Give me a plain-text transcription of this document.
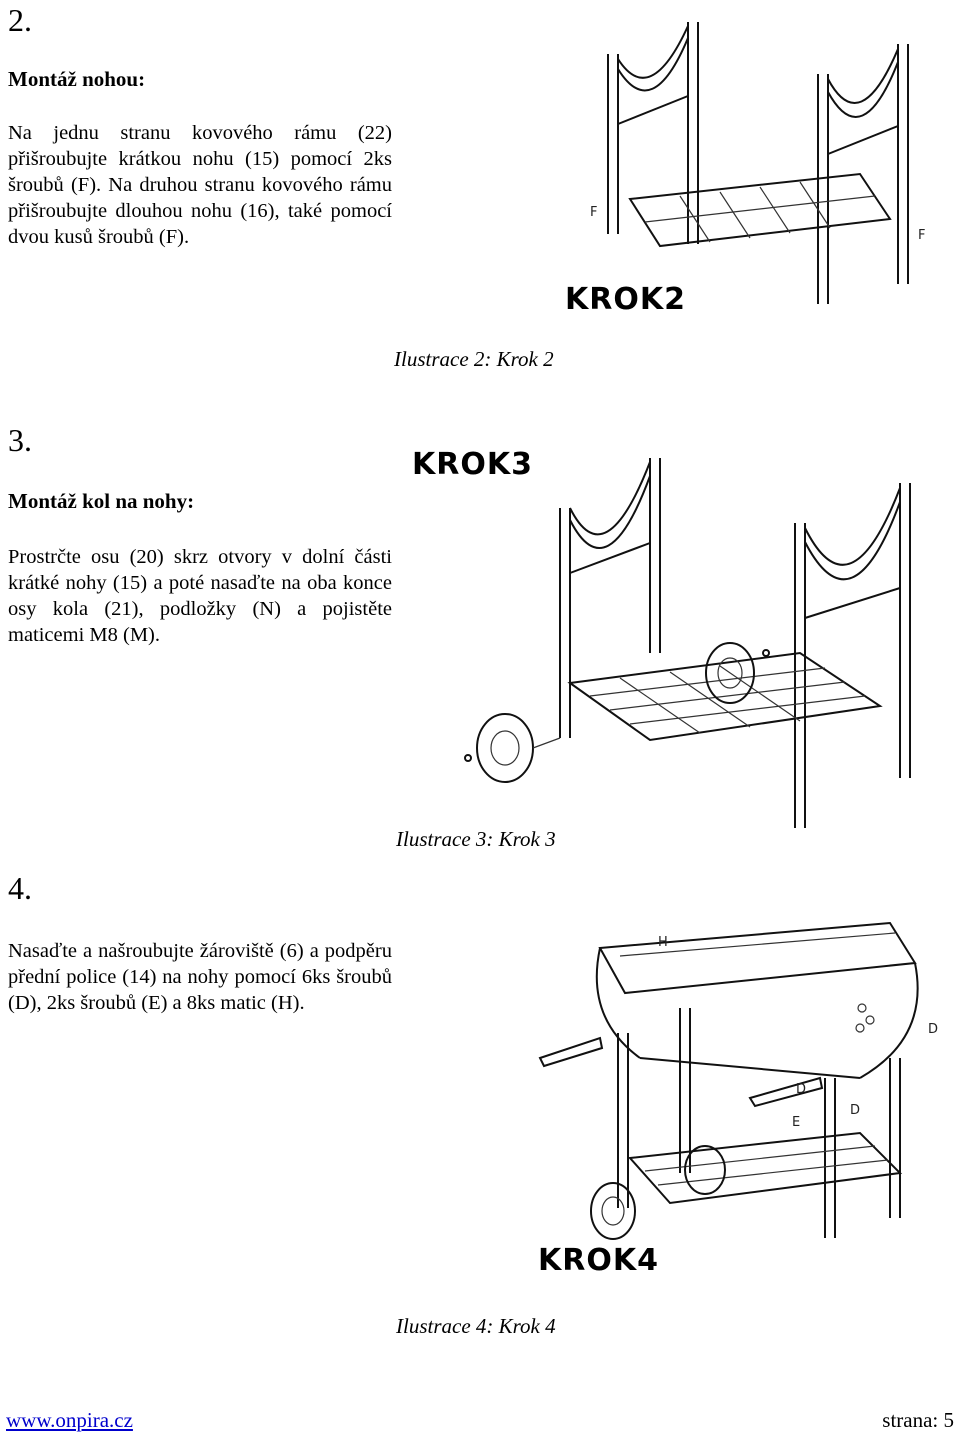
2.
Montáž nohou:
Na jednu stranu kovového rámu (22) přišroubujte krátkou nohu (15) pomocí 2ks šroubů (F). Na druhou stranu kovového rámu přišroubujte dlouhou nohu (16), také pomocí dvou kusů šroubů (F).
F
F
KROK2
Ilustrace 2: Krok 2
3.
Montáž kol na nohy:
Prostrčte osu (20) skrz otvory v dolní části krátké nohy (15) a poté nasaďte na oba konce osy kola (21), podložky (N) a pojistěte maticemi M8 (M).
KROK3
Ilustrace 3: Krok 3
4.
Nasaďte a našroubujte žároviště (6) a podpěru přední police (14) na nohy pomocí 6ks šroubů (D), 2ks šroubů (E) a 8ks matic (H).
H
D
D
E
D
KROK4
Ilustrace 4: Krok 4
www.onpira.cz	strana: 5
